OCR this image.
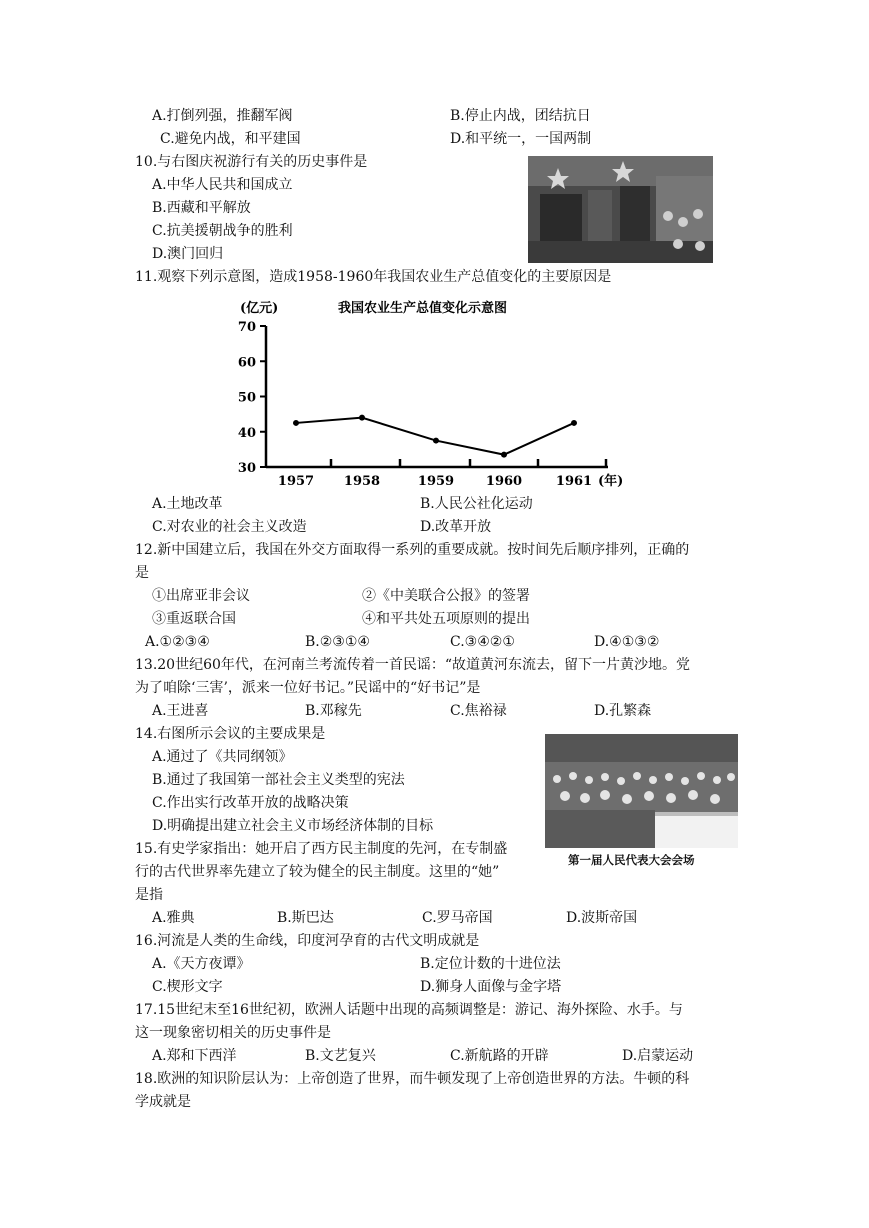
A.打倒列强，推翻军阀	B.停止内战，团结抗日
C.避免内战，和平建国	D.和平统一，一国两制
10.与右图庆祝游行有关的历史事件是
A.中华人民共和国成立
B.西藏和平解放
C.抗美援朝战争的胜利
D.澳门回归
11.观察下列示意图，造成1958-1960年我国农业生产总值变化的主要原因是
(亿元)	我国农业生产总值变化示意图
(年)
30
40
50
60
70
1957 1958	1959 1960	1961
A.土地改革	B.人民公社化运动
C.对农业的社会主义改造	D.改革开放
12.新中国建立后，我国在外交方面取得一系列的重要成就。按时间先后顺序排列，正确的
是
①出席亚非会议	②《中美联合公报》的签署
③重返联合国	④和平共处五项原则的提出
A.①②③④	B.②③①④	C.③④②①	D.④①③②
13.20世纪60年代，在河南兰考流传着一首民谣：“故道黄河东流去，留下一片黄沙地。党
为了咱除‘三害’，派来一位好书记。”民谣中的“好书记”是
A.王进喜	B.邓稼先	C.焦裕禄	D.孔繁森
14.右图所示会议的主要成果是
A.通过了《共同纲领》
B.通过了我国第一部社会主义类型的宪法
C.作出实行改革开放的战略决策
D.明确提出建立社会主义市场经济体制的目标
第一届人民代表大会会场
15.有史学家指出：她开启了西方民主制度的先河，在专制盛
行的古代世界率先建立了较为健全的民主制度。这里的“她”
是指
A.雅典	B.斯巴达	C.罗马帝国	D.波斯帝国
16.河流是人类的生命线，印度河孕育的古代文明成就是
A.《天方夜谭》	B.定位计数的十进位法
C.楔形文字	D.狮身人面像与金字塔
17.15世纪末至16世纪初，欧洲人话题中出现的高频调整是：游记、海外探险、水手。与
这一现象密切相关的历史事件是
A.郑和下西洋	B.文艺复兴	C.新航路的开辟	D.启蒙运动
18.欧洲的知识阶层认为：上帝创造了世界，而牛顿发现了上帝创造世界的方法。牛顿的科
学成就是
